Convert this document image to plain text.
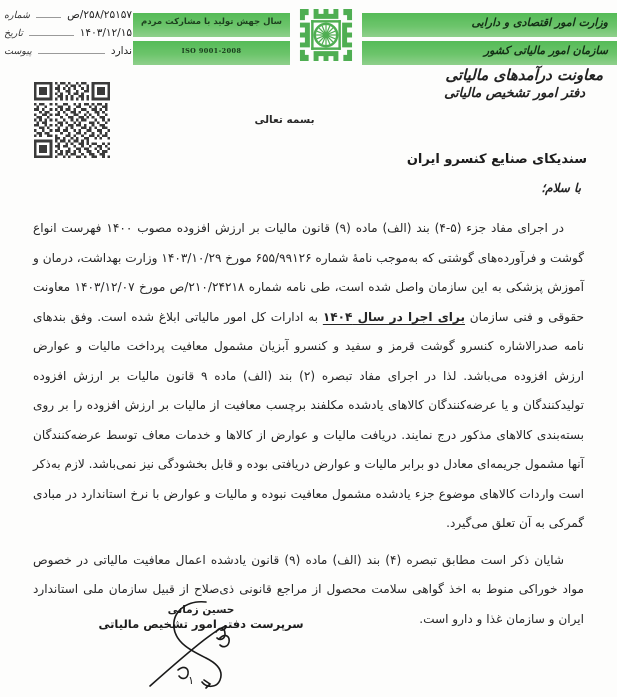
شماره	۲۵۸/۲۵۱۵۷/ص
تاریخ	۱۴۰۳/۱۲/۱۵
پیوست	ندارد
سال جهش تولید با مشارکت مردم
ISO 9001-2008
وزارت امور اقتصادی و دارایی
سازمان امور مالیاتی کشور
معاونت درآمدهای مالیاتی
دفتر امور تشخیص مالیاتی
بسمه تعالی
سندیکای صنایع کنسرو ایران
با سلام؛

در اجرای مفاد جزء (۵-۴) بند (الف) ماده (۹) قانون مالیات بر ارزش افزوده مصوب ۱۴۰۰ فهرست انواع گوشت و فرآورده‌های گوشتی که به‌موجب نامهٔ شماره ۶۵۵/۹۹۱۲۶ مورخ ۱۴۰۳/۱۰/۲۹ وزارت بهداشت، درمان و آموزش پزشکی به این سازمان واصل شده است، طی نامه شماره ۲۱۰/۲۴۲۱۸/ص مورخ ۱۴۰۳/۱۲/۰۷ معاونت حقوقی و فنی سازمان برای اجرا در سال ۱۴۰۴ به ادارات کل امور مالیاتی ابلاغ شده است. وفق بندهای نامه صدرالاشاره کنسرو گوشت قرمز و سفید و کنسرو آبزیان مشمول معافیت پرداخت مالیات و عوارض ارزش افزوده می‌باشد. لذا در اجرای مفاد تبصره (۲) بند (الف) ماده ۹ قانون مالیات بر ارزش افزوده تولیدکنندگان و یا عرضه‌کنندگان کالاهای یادشده مکلفند برچسب معافیت از مالیات بر ارزش افزوده را بر روی بسته‌بندی کالاهای مذکور درج نمایند. دریافت مالیات و عوارض از کالاها و خدمات معاف توسط عرضه‌کنندگان آنها مشمول جریمه‌ای معادل دو برابر مالیات و عوارض دریافتی بوده و قابل بخشودگی نیز نمی‌باشد. لازم به‌ذکر است واردات کالاهای موضوع جزء یادشده مشمول معافیت نبوده و مالیات و عوارض با نرخ استاندارد در مبادی گمرکی به آن تعلق می‌گیرد.

شایان ذکر است مطابق تبصره (۴) بند (الف) ماده (۹) قانون یادشده اعمال معافیت مالیاتی در خصوص مواد خوراکی منوط به اخذ گواهی سلامت محصول از مراجع قانونی ذی‌صلاح از قبیل سازمان ملی استاندارد ایران و سازمان غذا و دارو است.

حسین زمانی
سرپرست دفتر امور تشخیص مالیاتی
۱
